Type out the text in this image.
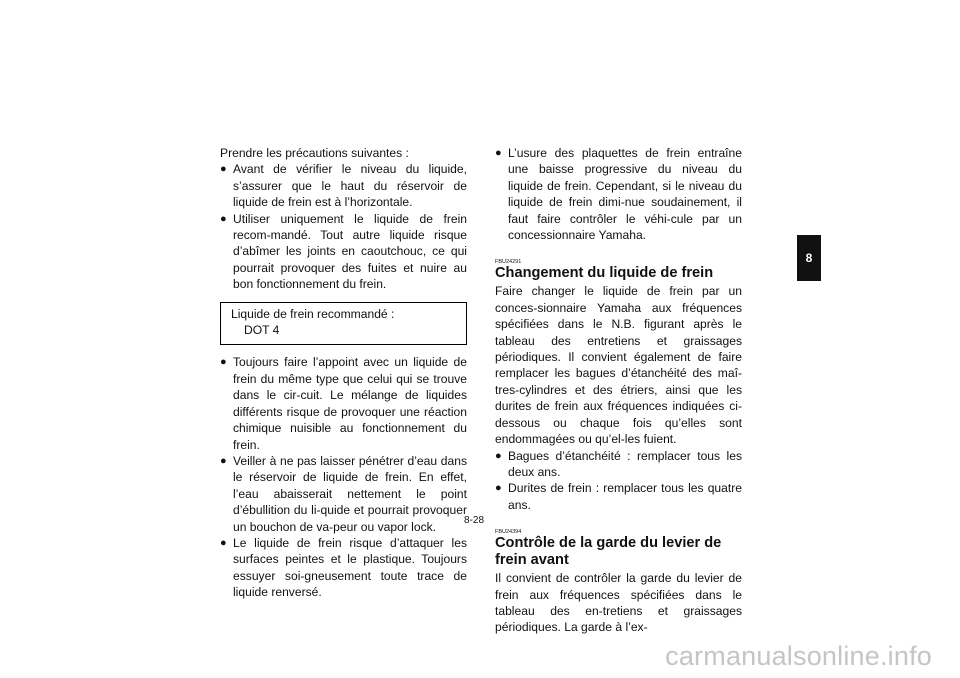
Prendre les précautions suivantes :

● Avant de vérifier le niveau du liquide, s’assurer que le haut du réservoir de liquide de frein est à l’horizontale.
● Utiliser uniquement le liquide de frein recom-mandé. Tout autre liquide risque d’abîmer les joints en caoutchouc, ce qui pourrait provoquer des fuites et nuire au bon fonctionnement du frein.
Liquide de frein recommandé :
DOT 4
● Toujours faire l’appoint avec un liquide de frein du même type que celui qui se trouve dans le cir-cuit. Le mélange de liquides différents risque de provoquer une réaction chimique nuisible au fonctionnement du frein.
● Veiller à ne pas laisser pénétrer d’eau dans le réservoir de liquide de frein. En effet, l’eau abaisserait nettement le point d’ébullition du li-quide et pourrait provoquer un bouchon de va-peur ou vapor lock.
● Le liquide de frein risque d’attaquer les surfaces peintes et le plastique. Toujours essuyer soi-gneusement toute trace de liquide renversé.
● L’usure des plaquettes de frein entraîne une baisse progressive du niveau du liquide de frein. Cependant, si le niveau du liquide de frein dimi-nue soudainement, il faut faire contrôler le véhi-cule par un concessionnaire Yamaha.
FBU24291
Changement du liquide de frein

Faire changer le liquide de frein par un conces-sionnaire Yamaha aux fréquences spécifiées dans le N.B. figurant après le tableau des entretiens et graissages périodiques. Il convient également de faire remplacer les bagues d’étanchéité des maî-tres-cylindres et des étriers, ainsi que les durites de frein aux fréquences indiquées ci-dessous ou chaque fois qu’elles sont endommagées ou qu’el-les fuient.

● Bagues d’étanchéité : remplacer tous les deux ans.
● Durites de frein : remplacer tous les quatre ans.
FBU24394
Contrôle de la garde du levier de frein avant

Il convient de contrôler la garde du levier de frein aux fréquences spécifiées dans le tableau des en-tretiens et graissages périodiques. La garde à l’ex-

8
8-28
carmanualsonline.info
